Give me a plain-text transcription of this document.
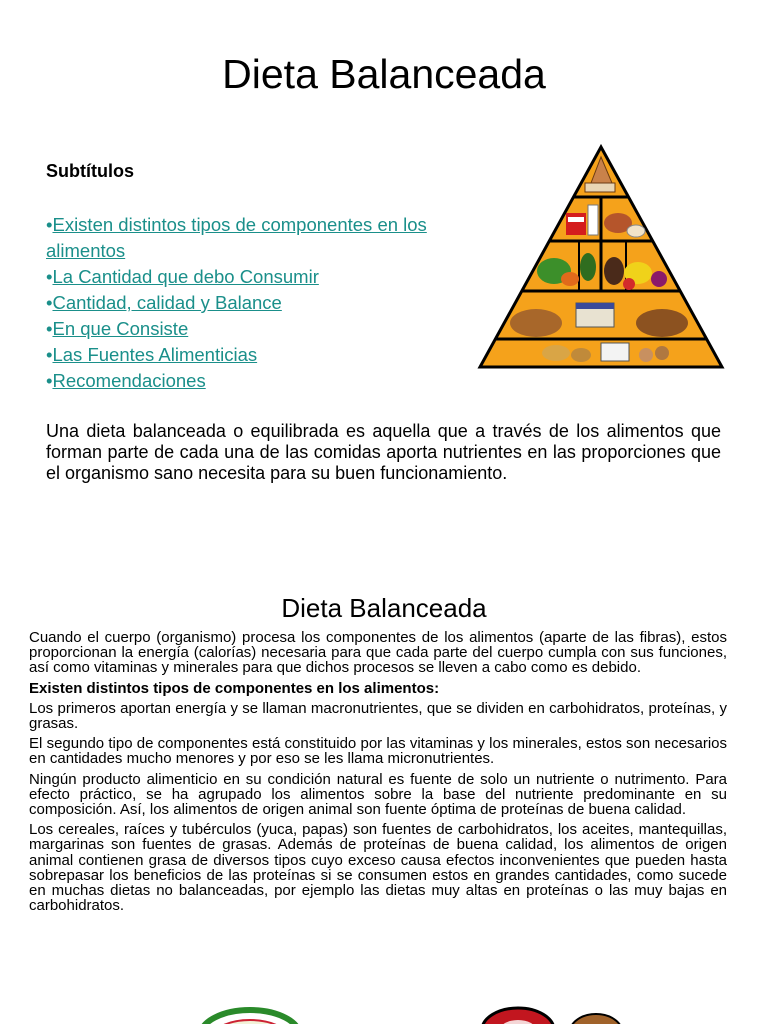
Dieta Balanceada
Subtítulos
•Existen distintos tipos de componentes en los alimentos
•La Cantidad que debo Consumir
•Cantidad, calidad y Balance
•En que Consiste
•Las Fuentes Alimenticias
•Recomendaciones

Una dieta balanceada o equilibrada es aquella que a través de los alimentos que forman parte de cada una de las comidas aporta nutrientes en las proporciones que el organismo sano necesita para su buen funcionamiento.

Dieta Balanceada

Cuando el cuerpo (organismo) procesa los componentes de los alimentos (aparte de las fibras), estos proporcionan la energía (calorías) necesaria para que cada parte del cuerpo cumpla con sus funciones, así como vitaminas y minerales para que dichos procesos se lleven a cabo como es debido.

Existen distintos tipos de componentes en los alimentos:

Los primeros aportan energía y se llaman macronutrientes, que se dividen en carbohidratos, proteínas, y grasas.

El segundo tipo de componentes está constituido por las vitaminas y los minerales, estos son necesarios en cantidades mucho menores y por eso se les llama micronutrientes.

Ningún producto alimenticio en su condición natural es fuente de solo un nutriente o nutrimento. Para efecto práctico, se ha agrupado los alimentos sobre la base del nutriente predominante en su composición. Así, los alimentos de origen animal son fuente óptima de proteínas de buena calidad.

Los cereales, raíces y tubérculos (yuca, papas) son fuentes de carbohidratos, los aceites, mantequillas, margarinas son fuentes de grasas. Además de proteínas de buena calidad, los alimentos de origen animal contienen grasa de diversos tipos cuyo exceso causa efectos inconvenientes que pueden hasta sobrepasar los beneficios de las proteínas si se consumen estos en grandes cantidades, como sucede en muchas dietas no balanceadas, por ejemplo las dietas muy altas en proteínas o las muy bajas en carbohidratos.
